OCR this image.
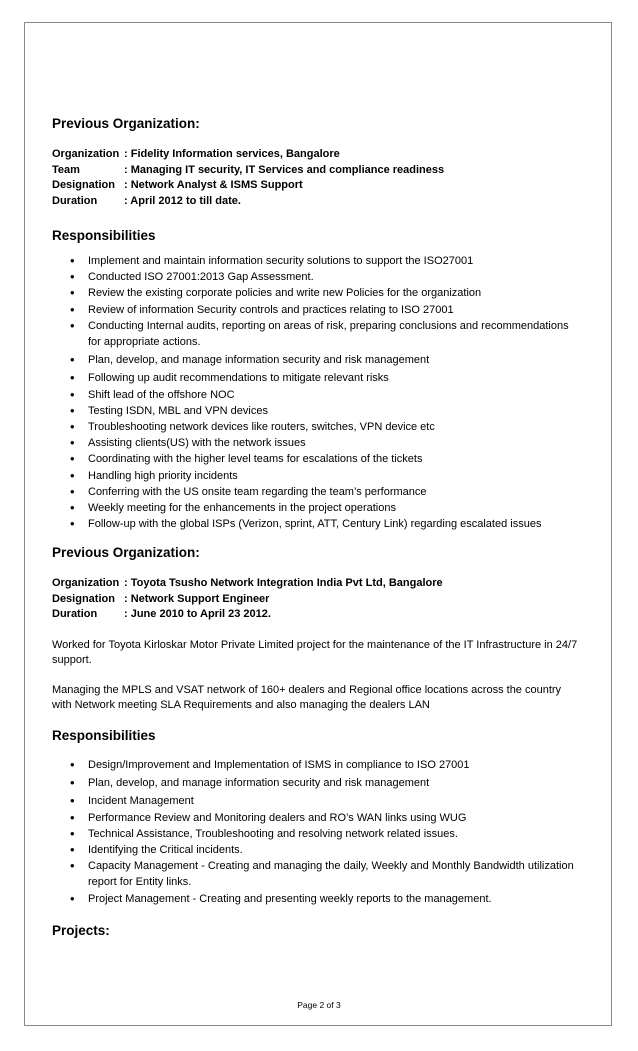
Previous Organization:

Organization : Fidelity Information services, Bangalore
Team	: Managing IT security, IT Services and compliance readiness
Designation : Network Analyst & ISMS Support
Duration	: April 2012 to till date.

Responsibilities

• Implement and maintain information security solutions to support the ISO27001
• Conducted ISO 27001:2013 Gap Assessment.
• Review the existing corporate policies and write new Policies for the organization
• Review of information Security controls and practices relating to ISO 27001
• Conducting Internal audits, reporting on areas of risk, preparing conclusions and recommendations for appropriate actions.
• Plan, develop, and manage information security and risk management
• Following up audit recommendations to mitigate relevant risks
• Shift lead of the offshore NOC
• Testing ISDN, MBL and VPN devices
• Troubleshooting network devices like routers, switches, VPN device etc
• Assisting clients(US) with the network issues
• Coordinating with the higher level teams for escalations of the tickets
• Handling high priority incidents
• Conferring with the US onsite team regarding the team’s performance
• Weekly meeting for the enhancements in the project operations
• Follow-up with the global ISPs (Verizon, sprint, ATT, Century Link) regarding escalated issues

Previous Organization:

Organization : Toyota Tsusho Network Integration India Pvt Ltd, Bangalore
Designation : Network Support Engineer
Duration	: June 2010 to April 23 2012.

Worked for Toyota Kirloskar Motor Private Limited project for the maintenance of the IT Infrastructure in 24/7 support.

Managing the MPLS and VSAT network of 160+ dealers and Regional office locations across the country with Network meeting SLA Requirements and also managing the dealers LAN

Responsibilities

• Design/Improvement and Implementation of ISMS in compliance to ISO 27001
• Plan, develop, and manage information security and risk management
• Incident Management
• Performance Review and Monitoring dealers and RO’s WAN links using WUG
• Technical Assistance, Troubleshooting and resolving network related issues.
• Identifying the Critical incidents.
• Capacity Management - Creating and managing the daily, Weekly and Monthly Bandwidth utilization report for Entity links.
• Project Management - Creating and presenting weekly reports to the management.

Projects:

Page 2 of 3
